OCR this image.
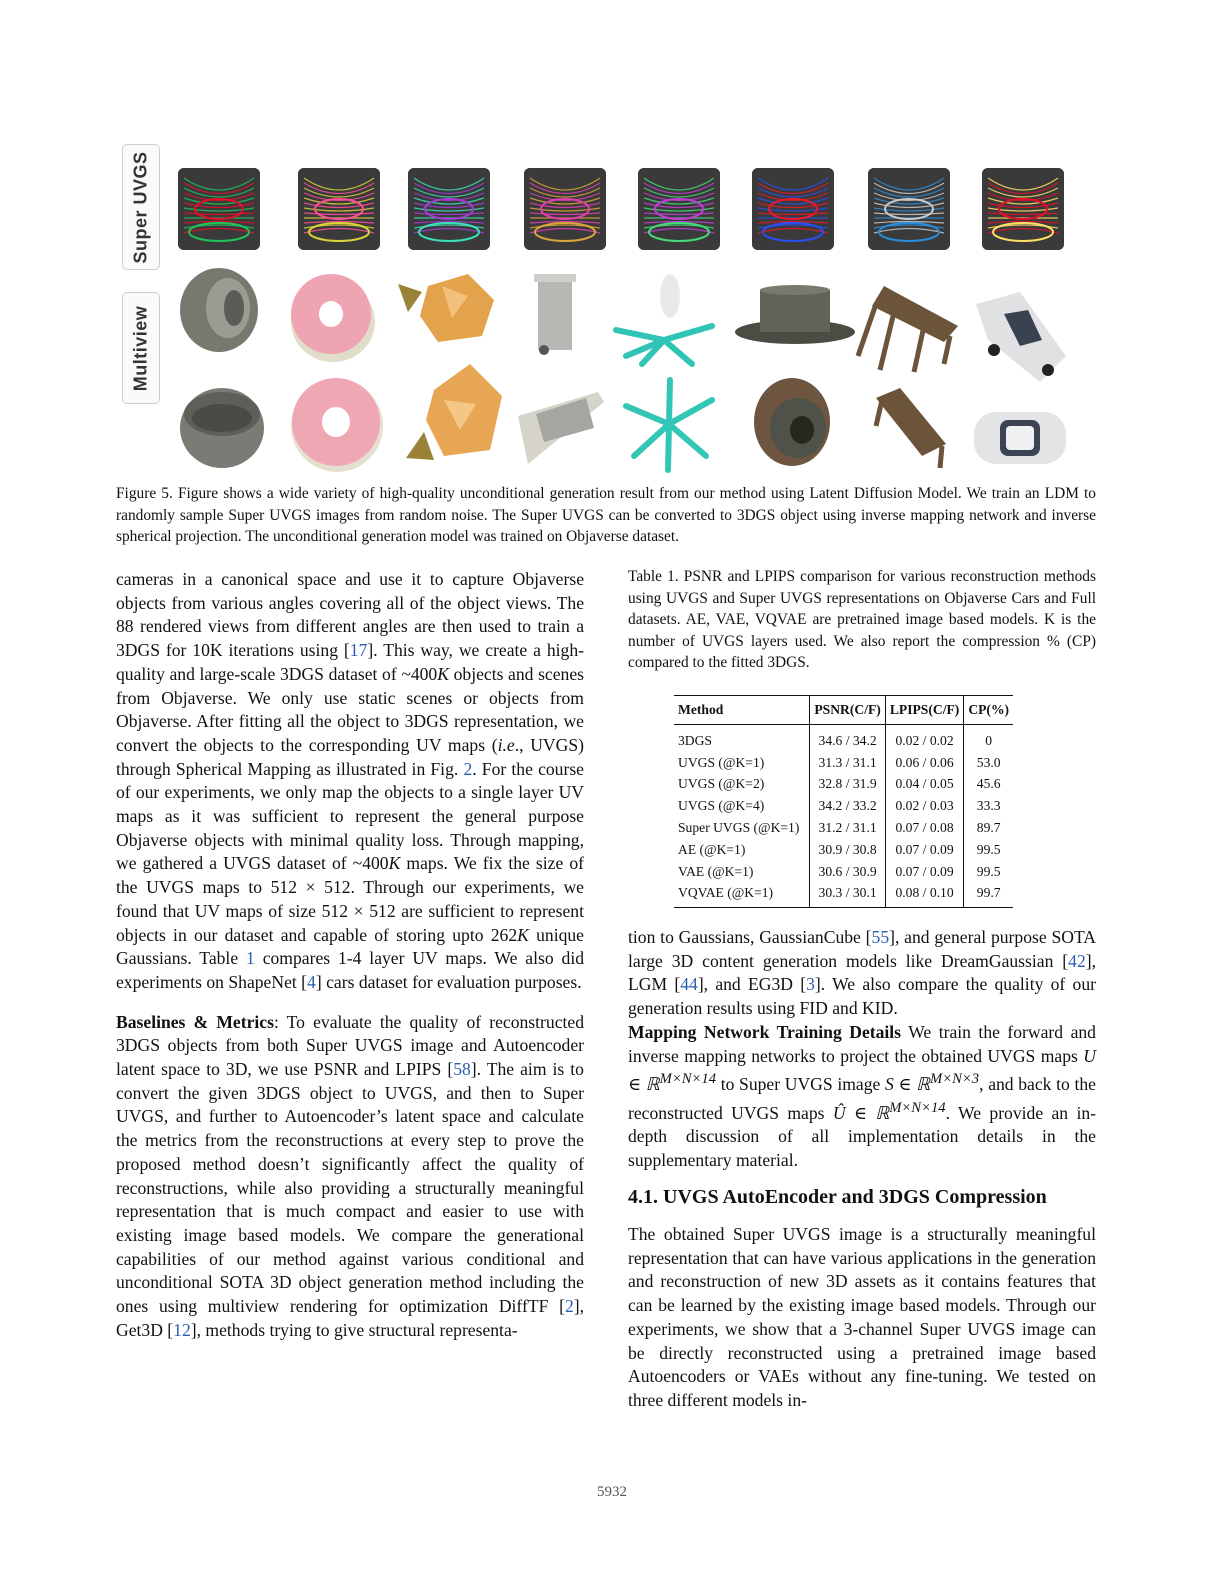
Super UVGS
Multiview
Figure 5. Figure shows a wide variety of high-quality unconditional generation result from our method using Latent Diffusion Model. We train an LDM to randomly sample Super UVGS images from random noise. The Super UVGS can be converted to 3DGS object using inverse mapping network and inverse spherical projection. The unconditional generation model was trained on Objaverse dataset.

cameras in a canonical space and use it to capture Objaverse objects from various angles covering all of the object views. The 88 rendered views from different angles are then used to train a 3DGS for 10K iterations using [17]. This way, we create a high-quality and large-scale 3DGS dataset of ~400K objects and scenes from Objaverse. We only use static scenes or objects from Objaverse. After fitting all the object to 3DGS representation, we convert the objects to the corresponding UV maps (i.e., UVGS) through Spherical Mapping as illustrated in Fig. 2. For the course of our experiments, we only map the objects to a single layer UV maps as it was sufficient to represent the general purpose Objaverse objects with minimal quality loss. Through mapping, we gathered a UVGS dataset of ~400K maps. We fix the size of the UVGS maps to 512 × 512. Through our experiments, we found that UV maps of size 512 × 512 are sufficient to represent objects in our dataset and capable of storing upto 262K unique Gaussians. Table 1 compares 1-4 layer UV maps. We also did experiments on ShapeNet [4] cars dataset for evaluation purposes.

Baselines & Metrics: To evaluate the quality of reconstructed 3DGS objects from both Super UVGS image and Autoencoder latent space to 3D, we use PSNR and LPIPS [58]. The aim is to convert the given 3DGS object to UVGS, and then to Super UVGS, and further to Autoencoder’s latent space and calculate the metrics from the reconstructions at every step to prove the proposed method doesn’t significantly affect the quality of reconstructions, while also providing a structurally meaningful representation that is much compact and easier to use with existing image based models. We compare the generational capabilities of our method against various conditional and unconditional SOTA 3D object generation method including the ones using multiview rendering for optimization DiffTF [2], Get3D [12], methods trying to give structural representa-

Table 1. PSNR and LPIPS comparison for various reconstruction methods using UVGS and Super UVGS representations on Objaverse Cars and Full datasets. AE, VAE, VQVAE are pretrained image based models. K is the number of UVGS layers used. We also report the compression % (CP) compared to the fitted 3DGS.
Method	PSNR(C/F)	LPIPS(C/F)	CP(%)
3DGS	34.6 / 34.2	0.02 / 0.02	0
UVGS (@K=1)	31.3 / 31.1	0.06 / 0.06	53.0
UVGS (@K=2)	32.8 / 31.9	0.04 / 0.05	45.6
UVGS (@K=4)	34.2 / 33.2	0.02 / 0.03	33.3
Super UVGS (@K=1)	31.2 / 31.1	0.07 / 0.08	89.7
AE (@K=1)	30.9 / 30.8	0.07 / 0.09	99.5
VAE (@K=1)	30.6 / 30.9	0.07 / 0.09	99.5
VQVAE (@K=1)	30.3 / 30.1	0.08 / 0.10	99.7

tion to Gaussians, GaussianCube [55], and general purpose SOTA large 3D content generation models like DreamGaussian [42], LGM [44], and EG3D [3]. We also compare the quality of our generation results using FID and KID.

Mapping Network Training Details We train the forward and inverse mapping networks to project the obtained UVGS maps U ∈ ℝ$^{M\times N\times 14}$ to Super UVGS image S ∈ ℝ$^{M\times N\times 3}$, and back to the reconstructed UVGS maps Û ∈ ℝ$^{M\times N\times 14}$. We provide an in-depth discussion of all implementation details in the supplementary material.

4.1. UVGS AutoEncoder and 3DGS Compression
The obtained Super UVGS image is a structurally meaningful representation that can have various applications in the generation and reconstruction of new 3D assets as it contains features that can be learned by the existing image based models. Through our experiments, we show that a 3-channel Super UVGS image can be directly reconstructed using a pretrained image based Autoencoders or VAEs without any fine-tuning. We tested on three different models in-
5932
